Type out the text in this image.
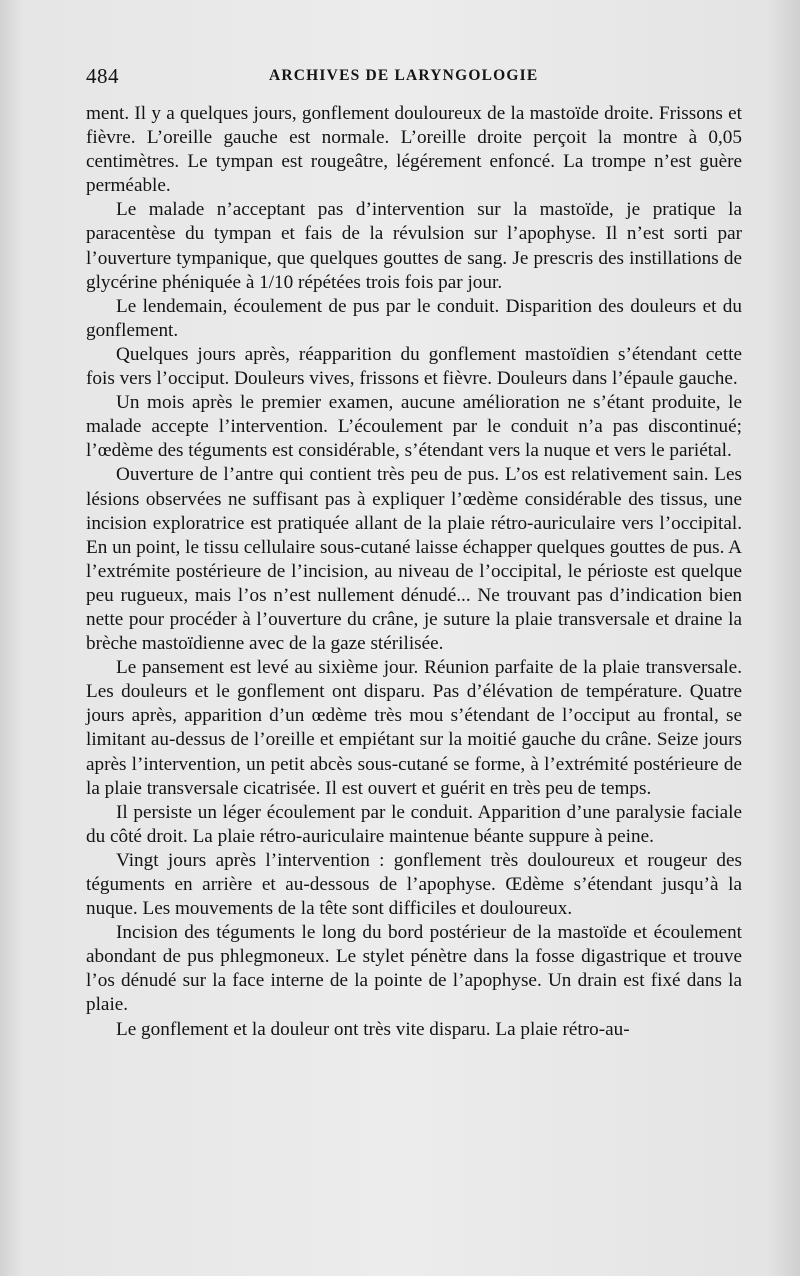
484	ARCHIVES DE LARYNGOLOGIE

ment. Il y a quelques jours, gonflement douloureux de la mastoïde droite. Frissons et fièvre. L’oreille gauche est normale. L’oreille droite perçoit la montre à 0,05 centimètres. Le tympan est rougeâtre, légérement enfoncé. La trompe n’est guère perméable.

Le malade n’acceptant pas d’intervention sur la mastoïde, je pratique la paracentèse du tympan et fais de la révulsion sur l’apophyse. Il n’est sorti par l’ouverture tympanique, que quelques gouttes de sang. Je prescris des instillations de glycérine phéniquée à 1/10 répétées trois fois par jour.

Le lendemain, écoulement de pus par le conduit. Disparition des douleurs et du gonflement.

Quelques jours après, réapparition du gonflement mastoïdien s’étendant cette fois vers l’occiput. Douleurs vives, frissons et fièvre. Douleurs dans l’épaule gauche.

Un mois après le premier examen, aucune amélioration ne s’étant produite, le malade accepte l’intervention. L’écoulement par le conduit n’a pas discontinué; l’œdème des téguments est considérable, s’étendant vers la nuque et vers le pariétal.

Ouverture de l’antre qui contient très peu de pus. L’os est relativement sain. Les lésions observées ne suffisant pas à expliquer l’œdème considérable des tissus, une incision exploratrice est pratiquée allant de la plaie rétro-auriculaire vers l’occipital. En un point, le tissu cellulaire sous-cutané laisse échapper quelques gouttes de pus. A l’extrémite postérieure de l’incision, au niveau de l’occipital, le périoste est quelque peu rugueux, mais l’os n’est nullement dénudé... Ne trouvant pas d’indication bien nette pour procéder à l’ouverture du crâne, je suture la plaie transversale et draine la brèche mastoïdienne avec de la gaze stérilisée.

Le pansement est levé au sixième jour. Réunion parfaite de la plaie transversale. Les douleurs et le gonflement ont disparu. Pas d’élévation de température. Quatre jours après, apparition d’un œdème très mou s’étendant de l’occiput au frontal, se limitant au-dessus de l’oreille et empiétant sur la moitié gauche du crâne. Seize jours après l’intervention, un petit abcès sous-cutané se forme, à l’extrémité postérieure de la plaie transversale cicatrisée. Il est ouvert et guérit en très peu de temps.

Il persiste un léger écoulement par le conduit. Apparition d’une paralysie faciale du côté droit. La plaie rétro-auriculaire maintenue béante suppure à peine.

Vingt jours après l’intervention : gonflement très douloureux et rougeur des téguments en arrière et au-dessous de l’apophyse. Œdème s’étendant jusqu’à la nuque. Les mouvements de la tête sont difficiles et douloureux.

Incision des téguments le long du bord postérieur de la mastoïde et écoulement abondant de pus phlegmoneux. Le stylet pénètre dans la fosse digastrique et trouve l’os dénudé sur la face interne de la pointe de l’apophyse. Un drain est fixé dans la plaie.

Le gonflement et la douleur ont très vite disparu. La plaie rétro-au-
